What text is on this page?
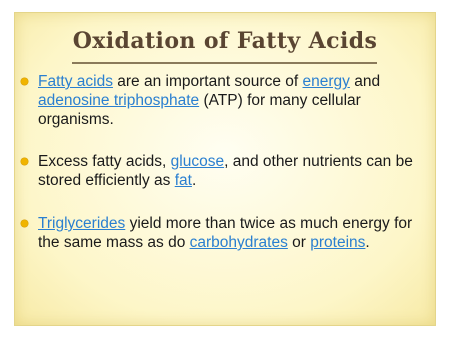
Oxidation of Fatty Acids
Fatty acids are an important source of energy and adenosine triphosphate (ATP) for many cellular organisms.
Excess fatty acids, glucose, and other nutrients can be stored efficiently as fat.
Triglycerides yield more than twice as much energy for the same mass as do carbohydrates or proteins.
